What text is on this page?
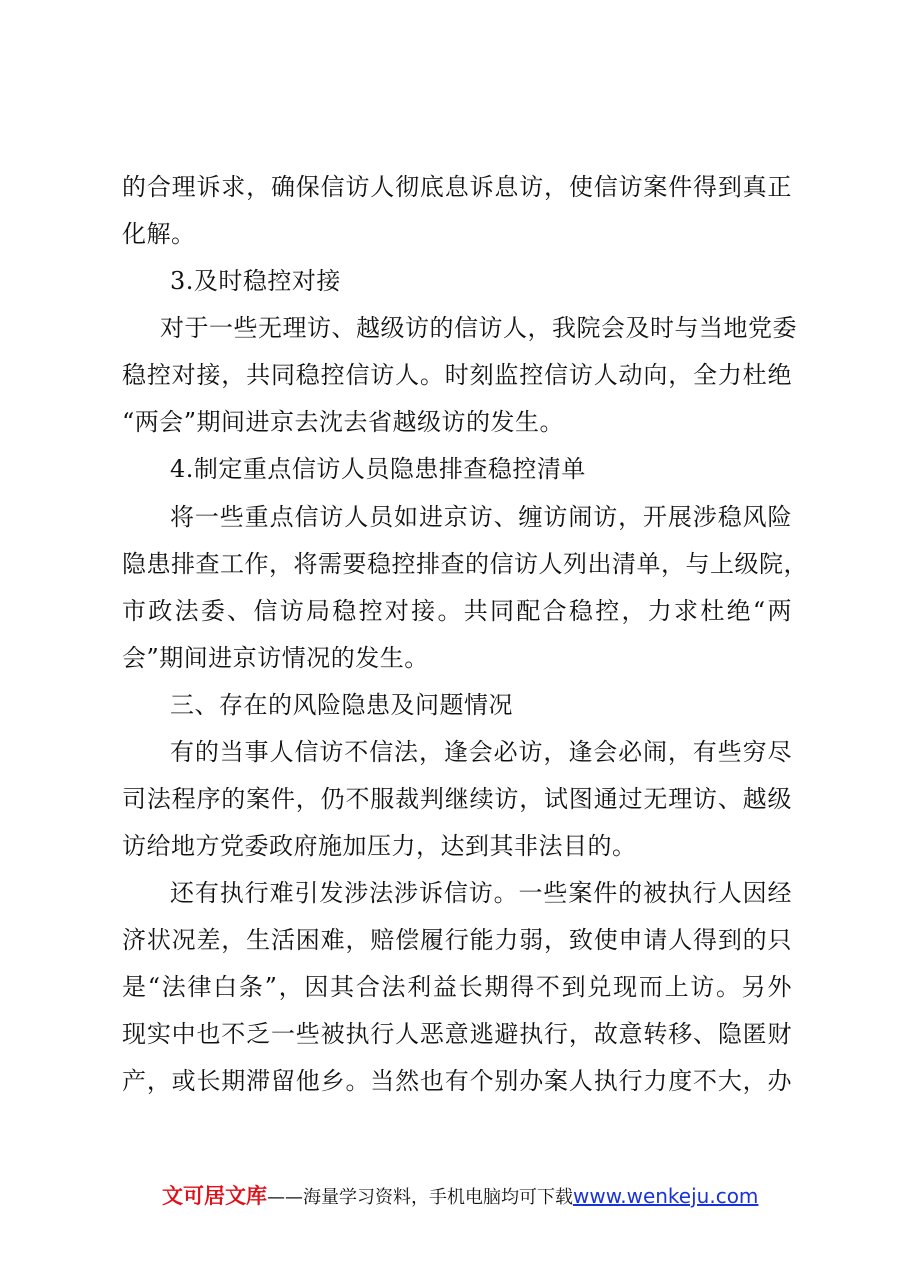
的合理诉求，确保信访人彻底息诉息访，使信访案件得到真正
化解。
3.及时稳控对接
对于一些无理访、越级访的信访人，我院会及时与当地党委
稳控对接，共同稳控信访人。时刻监控信访人动向，全力杜绝
“两会”期间进京去沈去省越级访的发生。
4.制定重点信访人员隐患排查稳控清单
将一些重点信访人员如进京访、缠访闹访，开展涉稳风险
隐患排查工作，将需要稳控排查的信访人列出清单，与上级院，
市政法委、信访局稳控对接。共同配合稳控，力求杜绝“两
会”期间进京访情况的发生。
三、存在的风险隐患及问题情况
有的当事人信访不信法，逢会必访，逢会必闹，有些穷尽
司法程序的案件，仍不服裁判继续访，试图通过无理访、越级
访给地方党委政府施加压力，达到其非法目的。
还有执行难引发涉法涉诉信访。一些案件的被执行人因经
济状况差，生活困难，赔偿履行能力弱，致使申请人得到的只
是“法律白条”，因其合法利益长期得不到兑现而上访。另外
现实中也不乏一些被执行人恶意逃避执行，故意转移、隐匿财
产，或长期滞留他乡。当然也有个别办案人执行力度不大，办
文可居文库——海量学习资料，手机电脑均可下载www.wenkeju.com
